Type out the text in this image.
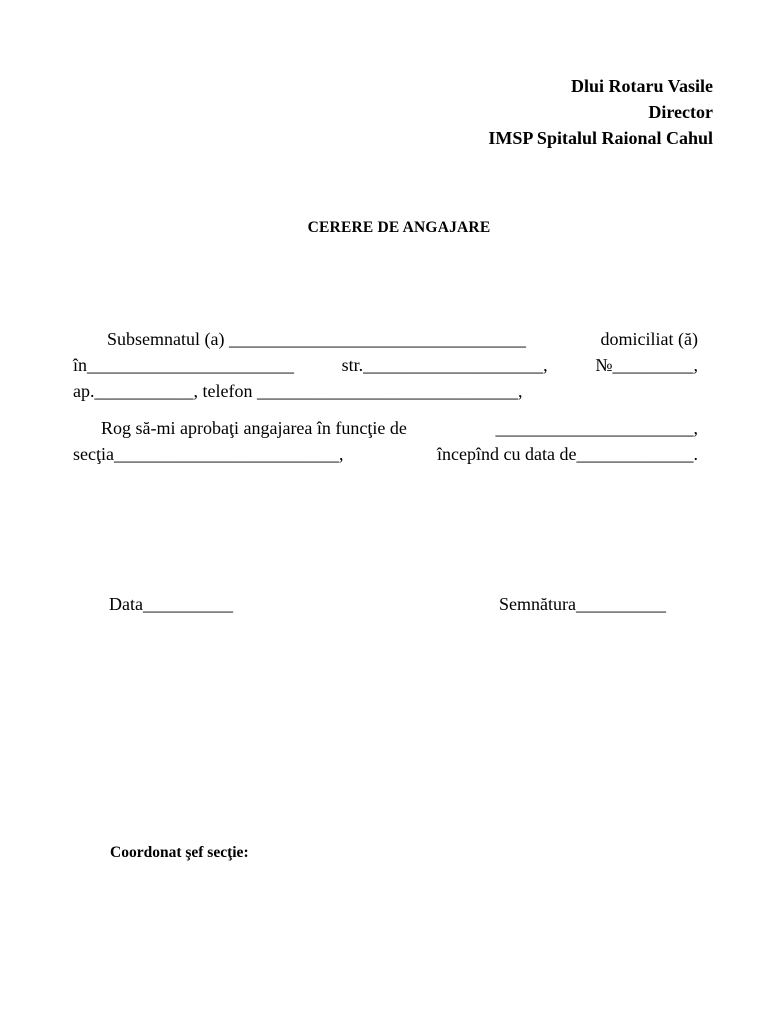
Dlui Rotaru Vasile
Director
IMSP Spitalul Raional Cahul
CERERE DE ANGAJARE
Subsemnatul (a) _________________________________	domiciliat (ă)
în_______________________	str.____________________,	№_________,
ap.___________, telefon _____________________________,
Rog să-mi aprobaţi angajarea în funcţie de	______________________,
secţia_________________________,	începînd cu data de_____________.
Data__________	Semnătura__________
Coordonat şef secţie:
